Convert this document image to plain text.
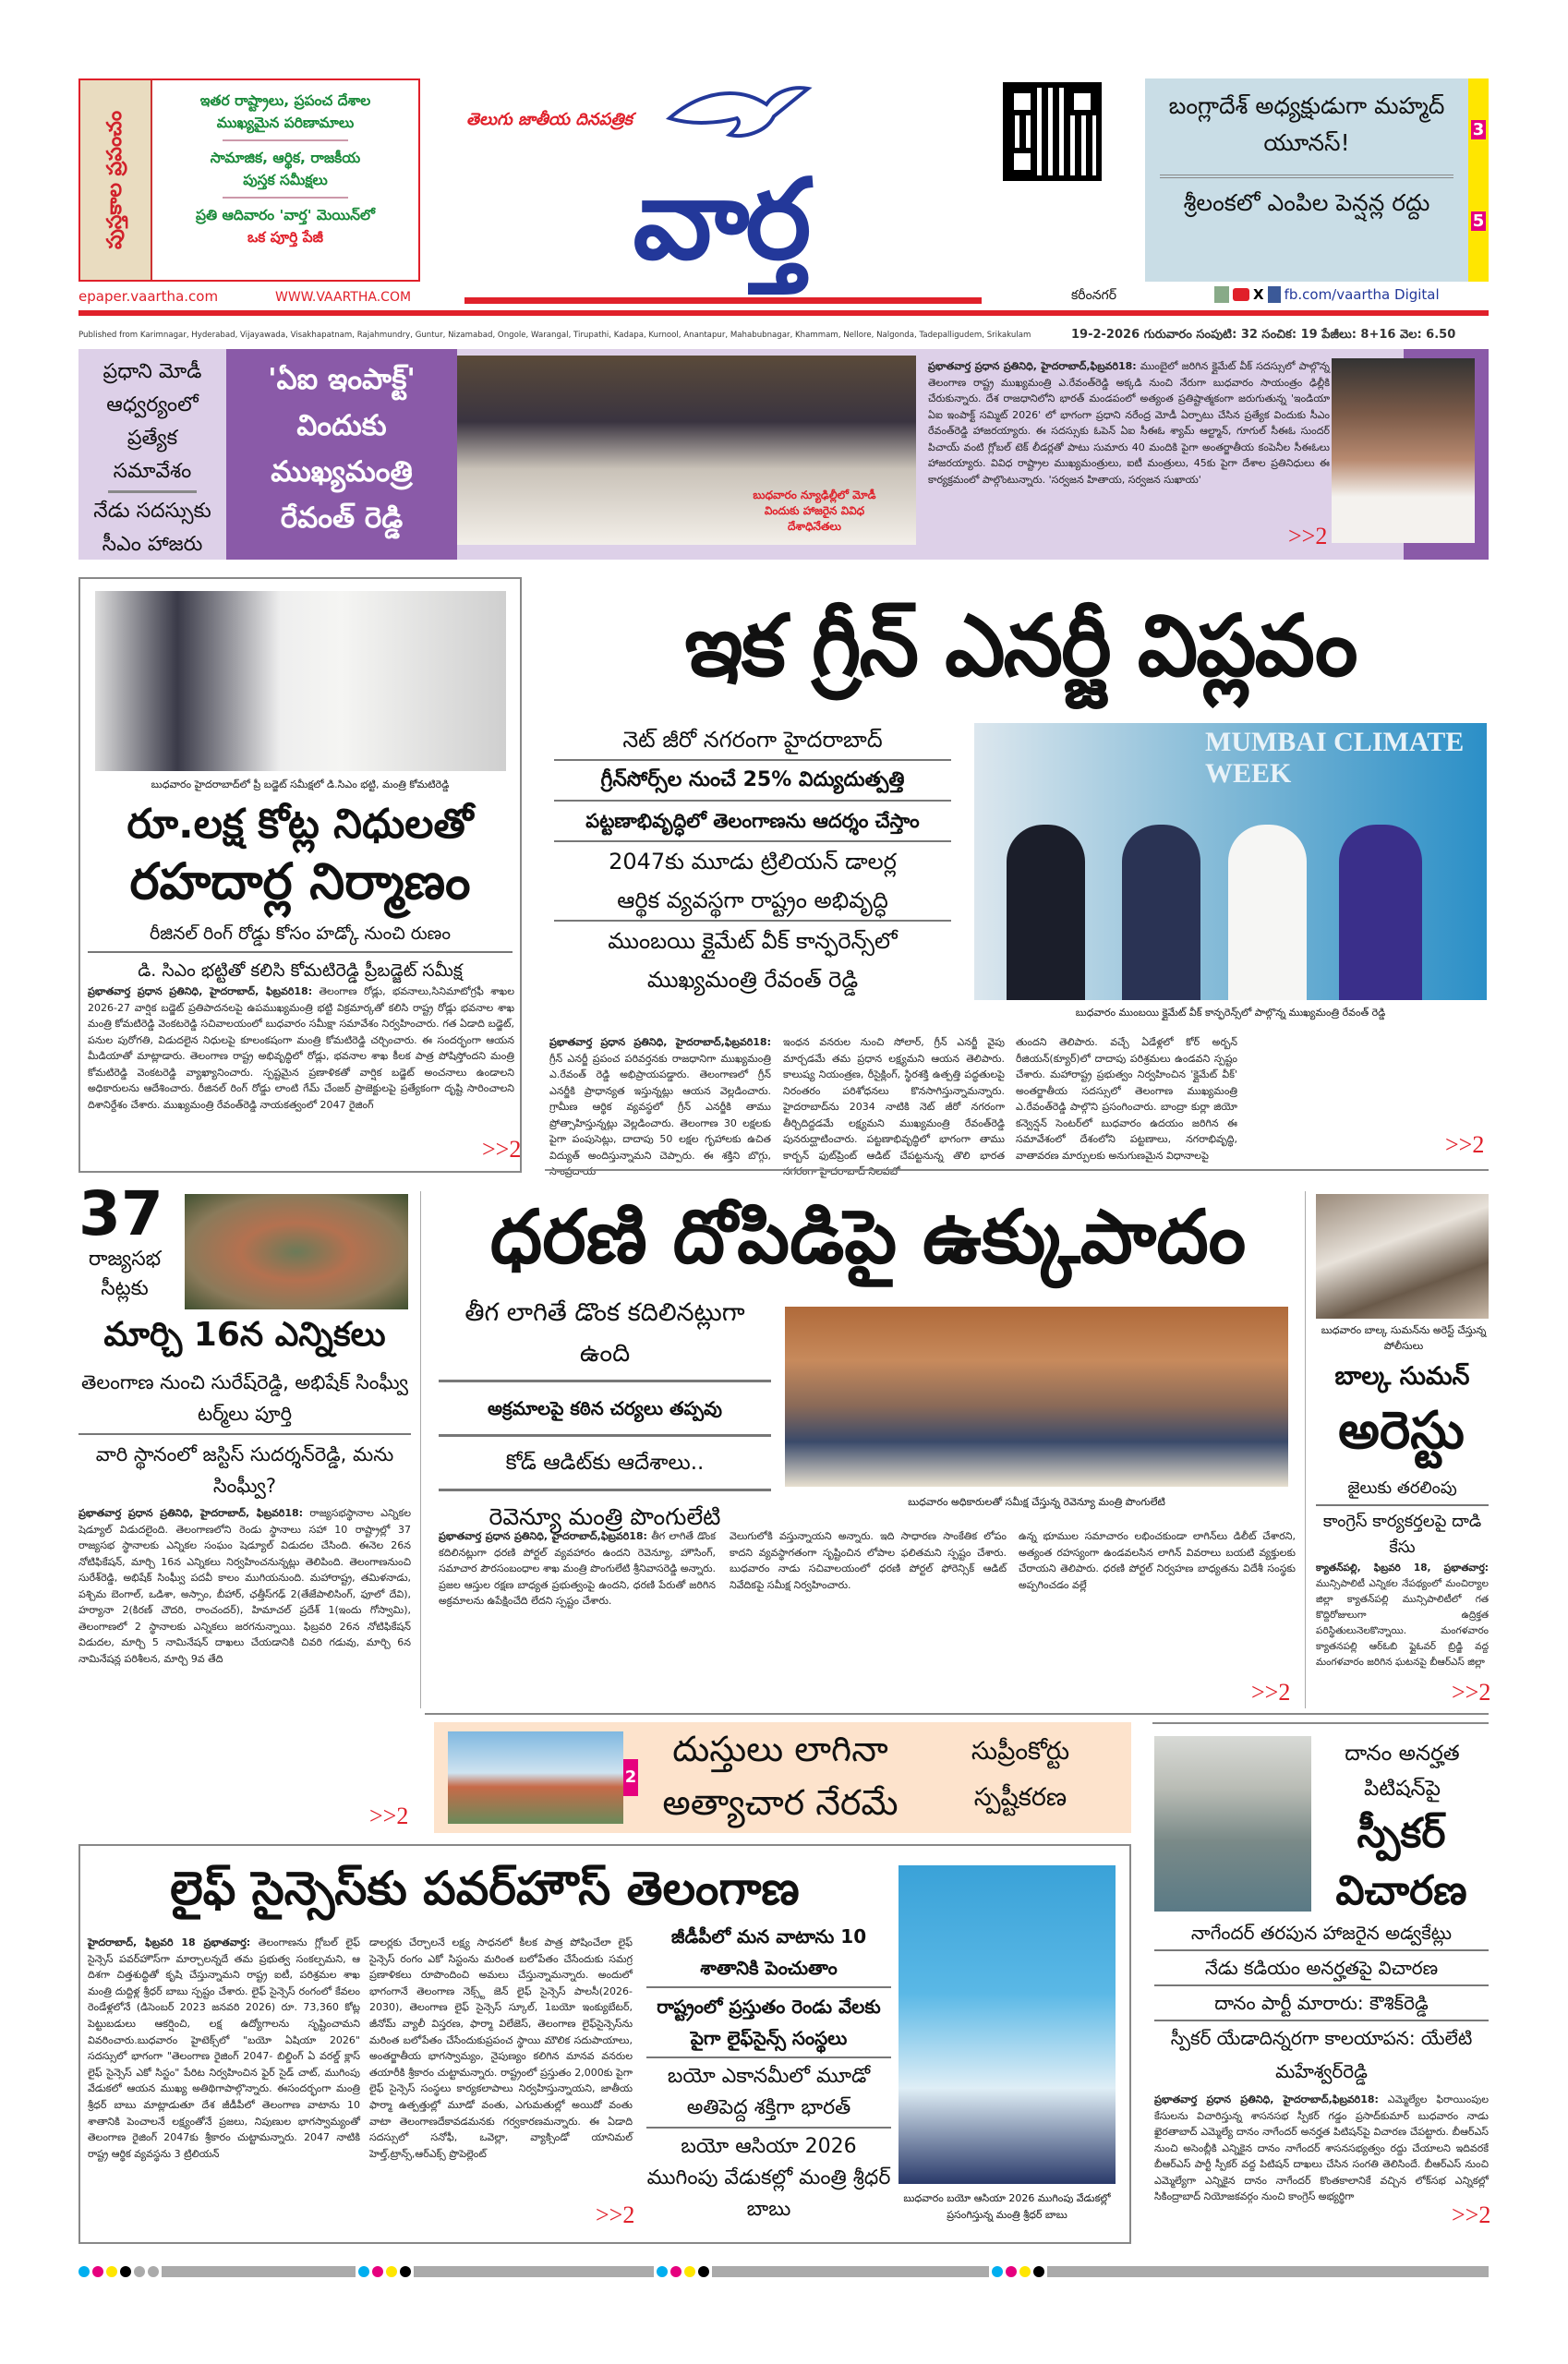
పుస్తకాల ప్రపంచం
ఇతర రాష్ట్రాలు, ప్రపంచ దేశాల
ముఖ్యమైన పరిణామాలు
సామాజిక, ఆర్థిక, రాజకీయ
పుస్తక సమీక్షలు
ప్రతి ఆదివారం 'వార్త' మెయిన్‌లో
ఒక పూర్తి పేజీ
epaper.vaartha.com	WWW.VAARTHA.COM
తెలుగు జాతీయ దినపత్రిక
వార్త
కరీంనగర్	X fb.com/vaartha Digital
బంగ్లాదేశ్ అధ్యక్షుడుగా మహ్మద్ యూనస్!
శ్రీలంకలో ఎంపిల పెన్షన్ల రద్దు
3
5
Published from Karimnagar, Hyderabad, Vijayawada, Visakhapatnam, Rajahmundry, Guntur, Nizamabad, Ongole, Warangal, Tirupathi, Kadapa, Kurnool, Anantapur, Mahabubnagar, Khammam, Nellore, Nalgonda, Tadepalligudem, Srikakulam	19-2-2026 గురువారం సంపుటి: 32 సంచిక: 19 పేజీలు: 8+16 వెల: 6.50
ప్రధాని మోడీ
ఆధ్వర్యంలో
ప్రత్యేక
సమావేశం
నేడు సదస్సుకు
సీఎం హాజరు
'ఏఐ ఇంపాక్ట్'
విందుకు
ముఖ్యమంత్రి
రేవంత్ రెడ్డి
బుధవారం న్యూఢిల్లీలో మోడీ విందుకు హాజరైన వివిధ దేశాధినేతలు
ప్రభాతవార్త ప్రధాన ప్రతినిధి, హైదరాబాద్,ఫిబ్రవరి18: ముంబైలో జరిగిన క్లైమేట్ వీక్ సదస్సులో పాల్గొన్న తెలంగాణ రాష్ట్ర ముఖ్యమంత్రి ఎ.రేవంత్‌రెడ్డి అక్కడి నుంచి నేరుగా బుధవారం సాయంత్రం ఢిల్లీకి చేరుకున్నారు. దేశ రాజధానిలోని భారత్ మండపంలో అత్యంత ప్రతిష్టాత్మకంగా జరుగుతున్న 'ఇండియా ఏఐ ఇంపాక్ట్ సమ్మిట్ 2026' లో భాగంగా ప్రధాని నరేంద్ర మోడీ ఏర్పాటు చేసిన ప్రత్యేక విందుకు సీఎం రేవంత్‌రెడ్డి హాజరయ్యారు. ఈ సదస్సుకు ఓపెన్ ఏఐ సీఈఓ శ్యామ్ ఆల్ట్మాన్, గూగుల్ సీఈఓ సుందర్ పిచాయ్ వంటి గ్లోబల్ టెక్ లీడర్లతో పాటు సుమారు 40 మందికి పైగా అంతర్జాతీయ కంపెనీల సీఈఓలు హాజరయ్యారు. వివిధ రాష్ట్రాల ముఖ్యమంత్రులు, ఐటీ మంత్రులు, 45కు పైగా దేశాల ప్రతినిధులు ఈ కార్యక్రమంలో పాల్గొంటున్నారు. 'సర్వజన హితాయ, సర్వజన సుఖాయ'
>>2
బుధవారం హైదరాబాద్‌లో ప్రీ బడ్జెట్ సమీక్షలో డి.సిఎం భట్టి, మంత్రి కోమటిరెడ్డి
రూ.లక్ష కోట్ల నిధులతో
రహదార్ల నిర్మాణం
రీజినల్ రింగ్ రోడ్డు కోసం హడ్కో నుంచి రుణం
డి. సిఎం భట్టితో కలిసి కోమటిరెడ్డి ప్రీబడ్జెట్ సమీక్ష
ప్రభాతవార్త ప్రధాన ప్రతినిధి, హైదరాబాద్, ఫిబ్రవరి18: తెలంగాణ రోడ్లు, భవనాలు,సినిమాటోగ్రఫీ శాఖల 2026-27 వార్షిక బడ్జెట్ ప్రతిపాదనలపై ఉపముఖ్యమంత్రి భట్టి విక్రమార్కతో కలిసి రాష్ట్ర రోడ్లు భవనాల శాఖ మంత్రి కోమటిరెడ్డి వెంకటరెడ్డి సచివాలయంలో బుధవారం సమీక్షా సమావేశం నిర్వహించారు. గత ఏడాది బడ్జెట్, పనుల పురోగతి, విడుదలైన నిధులపై కూలంకషంగా మంత్రి కోమటిరెడ్డి చర్చించారు. ఈ సందర్భంగా ఆయన మీడియాతో మాట్లాడారు. తెలంగాణ రాష్ట్ర అభివృద్ధిలో రోడ్లు, భవనాల శాఖ కీలక పాత్ర పోషిస్తోందని మంత్రి కోమటిరెడ్డి వెంకటరెడ్డి వ్యాఖ్యానించారు. స్పష్టమైన ప్రణాళికతో వార్షిక బడ్జెట్ అంచనాలు ఉండాలని అధికారులను ఆదేశించారు. రీజినల్ రింగ్ రోడ్డు లాంటి గేమ్ చేంజర్ ప్రాజెక్టులపై ప్రత్యేకంగా దృష్టి సారించాలని దిశానిర్దేశం చేశారు. ముఖ్యమంత్రి రేవంత్‌రెడ్డి నాయకత్వంలో 2047 రైజింగ్
>>2
ఇక గ్రీన్ ఎనర్జీ విప్లవం
నెట్ జీరో నగరంగా హైదరాబాద్
గ్రీన్‌సోర్స్‌ల నుంచే 25% విద్యుదుత్పత్తి
పట్టణాభివృద్ధిలో తెలంగాణను ఆదర్శం చేస్తాం
2047కు మూడు ట్రిలియన్ డాలర్ల
ఆర్థిక వ్యవస్థగా రాష్ట్రం అభివృద్ధి
ముంబయి క్లైమేట్ వీక్ కాన్ఫరెన్స్‌లో
ముఖ్యమంత్రి రేవంత్ రెడ్డి
MUMBAI CLIMATE WEEK
బుధవారం ముంబయి క్లైమేట్ వీక్ కాన్ఫరెన్స్‌లో పాల్గొన్న ముఖ్యమంత్రి రేవంత్ రెడ్డి
ప్రభాతవార్త ప్రధాన ప్రతినిధి, హైదరాబాద్,ఫిబ్రవరి18: గ్రీన్ ఎనర్జీ ప్రపంచ పరివర్తనకు రాజధానిగా ముఖ్యమంత్రి ఎ.రేవంత్ రెడ్డి అభిప్రాయపడ్డారు. తెలంగాణలో గ్రీన్ ఎనర్జీకి ప్రాధాన్యత ఇస్తున్నట్లు ఆయన వెల్లడించారు. గ్రామీణ ఆర్థిక వ్యవస్థలో గ్రీన్ ఎనర్జీకి తాము ప్రోత్సాహిస్తున్నట్లు వెల్లడించారు. తెలంగాణ 30 లక్షలకు పైగా పంపుసెట్లు, దాదాపు 50 లక్షల గృహాలకు ఉచిత విద్యుత్ అందిస్తున్నామని చెప్పారు. ఈ శక్తిని బొగ్గు, సాంప్రదాయ
ఇంధన వనరుల నుంచి సోలార్, గ్రీన్ ఎనర్జీ వైపు మార్చడమే తమ ప్రధాన లక్ష్యమని ఆయన తెలిపారు. కాలుష్య నియంత్రణ, రీసైక్లింగ్, స్థిరశక్తి ఉత్పత్తి పద్ధతులపై నిరంతరం పరిశోధనలు కొనసాగిస్తున్నామన్నారు. హైదరాబాద్‌ను 2034 నాటికి నెట్ జీరో నగరంగా తీర్చిదిద్దడమే లక్ష్యమని ముఖ్యమంత్రి రేవంత్‌రెడ్డి పునరుద్ఘాటించారు. పట్టణాభివృద్ధిలో భాగంగా తాము కార్బన్ ఫుట్‌ప్రింట్ ఆడిట్ చేపట్టనున్న తొలి భారత నగరంగా హైదరాబాద్ నిలవబో
తుందని తెలిపారు. వచ్చే ఏడేళ్లలో కోర్ అర్బన్ రీజియన్‌(క్యూర్)లో దాదాపు పరిశ్రమలు ఉండవని స్పష్టం చేశారు. మహారాష్ట్ర ప్రభుత్వం నిర్వహించిన 'క్లైమేట్ వీక్' అంతర్జాతీయ సదస్సులో తెలంగాణ ముఖ్యమంత్రి ఎ.రేవంత్‌రెడ్డి పాల్గొని ప్రసంగించారు. బాంద్రా కుర్లా జియో కన్వెన్షన్ సెంటర్‌లో బుధవారం ఉదయం జరిగిన ఈ సమావేశంలో దేశంలోని పట్టణాలు, నగరాభివృద్ధి, వాతావరణ మార్పులకు అనుగుణమైన విధానాలపై	>>2
37
రాజ్యసభ
సీట్లకు
మార్చి 16న ఎన్నికలు
తెలంగాణ నుంచి సురేష్‌రెడ్డి, అభిషేక్ సింఘ్వీ టర్మ్‌లు పూర్తి
వారి స్థానంలో జస్టిస్ సుదర్శన్‌రెడ్డి, మను సింఘ్వీ?
ప్రభాతవార్త ప్రధాన ప్రతినిధి, హైదరాబాద్, ఫిబ్రవరి18: రాజ్యసభస్థానాల ఎన్నికల షెడ్యూల్ విడుదలైంది. తెలంగాణలోని రెండు స్థానాలు సహా 10 రాష్ట్రాల్లో 37 రాజ్యసభ స్థానాలకు ఎన్నికల సంఘం షెడ్యూల్ విడుదల చేసింది. ఈనెల 26న నోటిఫికేషన్, మార్చి 16న ఎన్నికలు నిర్వహించనున్నట్లు తెలిపింది. తెలంగాణనుంచి సురేశ్‌రెడ్డి, అభిషేక్ సింఘ్వీ పదవీ కాలం ముగియనుంది. మహారాష్ట్ర, తమిళనాడు, పశ్చిమ బెంగాల్, ఒడిశా, అస్సాం, బీహార్, ఛత్తీస్‌గఢ్ 2(తేజేపాలిసింగ్, ఫూలో దేవి), హర్యానా 2(కిరణ్ చౌదరి, రాంచందర్), హిమాచల్ ప్రదేశ్ 1(ఇందు గోస్వామి), తెలంగాణలో 2 స్థానాలకు ఎన్నికలు జరగనున్నాయి. ఫిబ్రవరి 26న నోటిఫికేషన్ విడుదల, మార్చి 5 నామినేషన్ దాఖలు చేయడానికి చివరి గడువు, మార్చి 6న నామినేషన్ల పరిశీలన, మార్చి 9వ తేది
>>2
ధరణి దోపిడిపై ఉక్కుపాదం
తీగ లాగితే డొంక కదిలినట్లుగా ఉంది
అక్రమాలపై కఠిన చర్యలు తప్పవు
కోడ్ ఆడిట్‌కు ఆదేశాలు..
రెవెన్యూ మంత్రి పొంగులేటి
బుధవారం అధికారులతో సమీక్ష చేస్తున్న రెవెన్యూ మంత్రి పొంగులేటి
ప్రభాతవార్త ప్రధాన ప్రతినిధి, హైదరాబాద్,ఫిబ్రవరి18: తీగ లాగితే డొంక కదిలినట్లుగా ధరణి పోర్టల్ వ్యవహారం ఉందని రెవెన్యూ, హౌసింగ్, సమాచార పౌరసంబంధాల శాఖ మంత్రి పొంగులేటి శ్రీనివాసరెడ్డి అన్నారు. ప్రజల ఆస్తుల రక్షణ బాధ్యత ప్రభుత్వంపై ఉందని, ధరణి పేరుతో జరిగిన అక్రమాలను ఉపేక్షించేది లేదని స్పష్టం చేశారు.
వెలుగులోకి వస్తున్నాయని అన్నారు. ఇది సాధారణ సాంకేతిక లోపం కాదని వ్యవస్థాగతంగా సృష్టించిన లోపాల ఫలితమని స్పష్టం చేశారు. బుధవారం నాడు సచివాలయంలో ధరణి పోర్టల్ ఫోరెన్సిక్ ఆడిట్ నివేదికపై సమీక్ష నిర్వహించారు.
ఉన్న భూముల సమాచారం లభించకుండా లాగిన్‌లు డిలీట్ చేశారని, అత్యంత రహస్యంగా ఉండవలసిన లాగిన్ వివరాలు బయటి వ్యక్తులకు చేరాయని తెలిపారు. ధరణి పోర్టల్ నిర్వహణ బాధ్యతను విదేశీ సంస్థకు అప్పగించడం వల్లే
>>2
బుధవారం బాల్క సుమన్‌ను అరెస్ట్ చేస్తున్న పోలీసులు
బాల్క సుమన్
అరెస్టు
జైలుకు తరలింపు
కాంగ్రెస్ కార్యకర్తలపై దాడి కేసు
క్యాతన్‌పల్లి, ఫిబ్రవరి 18, ప్రభాతవార్త: మున్సిపాలిటీ ఎన్నికల నేపథ్యంలో మంచిర్యాల జిల్లా క్యాతన్‌పల్లి మున్సిపాలిటీలో గత కొద్దిరోజులుగా ఉద్రిక్తత పరిస్థితులునెలకొన్నాయి. మంగళవారం క్యాతనపల్లి ఆర్‌ఓబి ఫ్లైఓవర్ బ్రిడ్జి వద్ద మంగళవారం జరిగిన ఘటనపై బీఆర్‌ఎస్ జిల్లా
>>2
2
దుస్తులు లాగినా
అత్యాచార నేరమే
సుప్రీంకోర్టు
స్పష్టీకరణ
లైఫ్ సైన్సెస్‌కు పవర్‌హౌస్ తెలంగాణ
జీడీపీలో మన వాటాను 10 శాతానికి పెంచుతాం
రాష్ట్రంలో ప్రస్తుతం రెండు వేలకు పైగా లైఫ్‌సైన్స్ సంస్థలు
బయో ఎకానమీలో మూడో అతిపెద్ద శక్తిగా భారత్
బయో ఆసియా 2026 ముగింపు వేడుకల్లో మంత్రి శ్రీధర్ బాబు	బుధవారం బయో ఆసియా 2026 ముగింపు వేడుకల్లో ప్రసంగిస్తున్న మంత్రి శ్రీధర్ బాబు
హైదరాబాద్, ఫిబ్రవరి 18 ప్రభాతవార్త: తెలంగాణను గ్లోబల్ లైఫ్ సైన్సెస్ పవర్‌హౌస్‌గా మార్చాలన్నదే తమ ప్రభుత్వ సంకల్పమని, ఆ దిశగా చిత్తశుద్ధితో కృషి చేస్తున్నామని రాష్ట్ర ఐటీ, పరిశ్రమల శాఖ మంత్రి దుద్దిళ్ల శ్రీధర్ బాబు స్పష్టం చేశారు. లైఫ్ సైన్సెస్ రంగంలో కేవలం రెండేళ్లలోనే (డిసెంబర్ 2023 జనవరి 2026) రూ. 73,360 కోట్ల పెట్టుబడులు ఆకర్షించి, లక్ష ఉద్యోగాలను సృష్టించామని వివరించారు.బుధవారం హైటెక్స్‌లో "బయో ఏషియా 2026" సదస్సులో భాగంగా "తెలంగాణ రైజింగ్ 2047- బిల్డింగ్ ఏ వరల్డ్ క్లాస్ లైఫ్ సైన్సెస్ ఎకో సిస్టం" పేరిట నిర్వహించిన ఫైర్ సైడ్ చాట్, ముగింపు వేడుకలో ఆయన ముఖ్య అతిథిగాపాల్గొన్నారు. ఈసందర్భంగా మంత్రి శ్రీధర్ బాబు మాట్లాడుతూ దేశ జీడీపీలో తెలంగాణ వాటాను 10 శాతానికి పెంచాలనే లక్ష్యంతోనే ప్రజలు, నిపుణుల భాగస్వామ్యంతో తెలంగాణ రైజింగ్ 2047కు శ్రీకారం చుట్టామన్నారు. 2047 నాటికి రాష్ట్ర ఆర్థిక వ్యవస్థను 3 ట్రిలియన్
డాలర్లకు చేర్చాలనే లక్ష్య సాధనలో కీలక పాత్ర పోషించేలా లైఫ్ సైన్సెస్ రంగం ఎకో సిస్టంను మరింత బలోపేతం చేసేందుకు సమగ్ర ప్రణాళికలు రూపొందించి అమలు చేస్తున్నామన్నారు. అందులో భాగంగానే తెలంగాణ నెక్స్ట్ జెన్ లైఫ్ సైన్సెస్ పాలసీ(2026-2030), తెలంగాణ లైఫ్ సైన్సెస్ స్కూల్, 1బయో ఇంక్యుబేటర్, జీనోమ్ వ్యాలీ విస్తరణ, ఫార్మా విలేజెస్, తెలంగాణ లైఫ్‌సైన్సెస్‌ను మరింత బలోపేతం చేసేందుకుప్రపంచ స్థాయి మౌలిక సదుపాయాలు, అంతర్జాతీయ భాగస్వామ్యం, నైపుణ్యం కలిగిన మానవ వనరుల తయారీకి శ్రీకారం చుట్టామన్నారు. రాష్ట్రంలో ప్రస్తుతం 2,000కు పైగా లైఫ్ సైన్సెస్ సంస్థలు కార్యకలాపాలు నిర్వహిస్తున్నాయని, జాతీయ ఫార్మా ఉత్పత్తుల్లో మూడో వంతు, ఎగుమతుల్లో అయిదో వంతు వాటా తెలంగాణదేకావడమనకు గర్వకారణమన్నారు. ఈ ఏడాది సదస్సులో సనోఫీ, ఒవెల్లా, వ్యాక్సిండో యానిమల్ హెల్త్,ట్రాన్స్,ఆర్ఎక్స్ ప్రొపెల్లెంట్
>>2
దానం అనర్హత
పిటిషన్‌పై
స్పీకర్
విచారణ
నాగేందర్ తరపున హాజరైన అడ్వకేట్లు
నేడు కడియం అనర్హతపై విచారణ
దానం పార్టీ మారారు: కౌశిక్‌రెడ్డి
స్పీకర్ యేడాదిన్నరగా కాలయాపన: యేలేటి మహేశ్వర్‌రెడ్డి
ప్రభాతవార్త ప్రధాన ప్రతినిధి, హైదరాబాద్,ఫిబ్రవరి18: ఎమ్మెల్యేల ఫిరాయింపుల కేసులను విచారిస్తున్న శాసనసభ స్పీకర్ గడ్డం ప్రసాద్‌కుమార్ బుధవారం నాడు ఖైరతాబాద్ ఎమ్మెల్యే దానం నాగేందర్ అనర్హత పిటిషన్‌పై విచారణ చేపట్టారు. బీఆర్‌ఎస్ నుంచి అసెంబ్లీకి ఎన్నికైన దానం నాగేందర్ శాసనసభ్యత్వం రద్దు చేయాలని ఇదివరకే బీఆర్‌ఎస్ పార్టీ స్పీకర్ వద్ద పిటిషన్ దాఖలు చేసిన సంగతి తెలిసిందే. బీఆర్‌ఎస్ నుంచి ఎమ్మెల్యేగా ఎన్నికైన దానం నాగేందర్ కొంతకాలానికే వచ్చిన లోక్‌సభ ఎన్నికల్లో సికింద్రాబాద్ నియోజకవర్గం నుంచి కాంగ్రెస్ అభ్యర్థిగా
>>2
